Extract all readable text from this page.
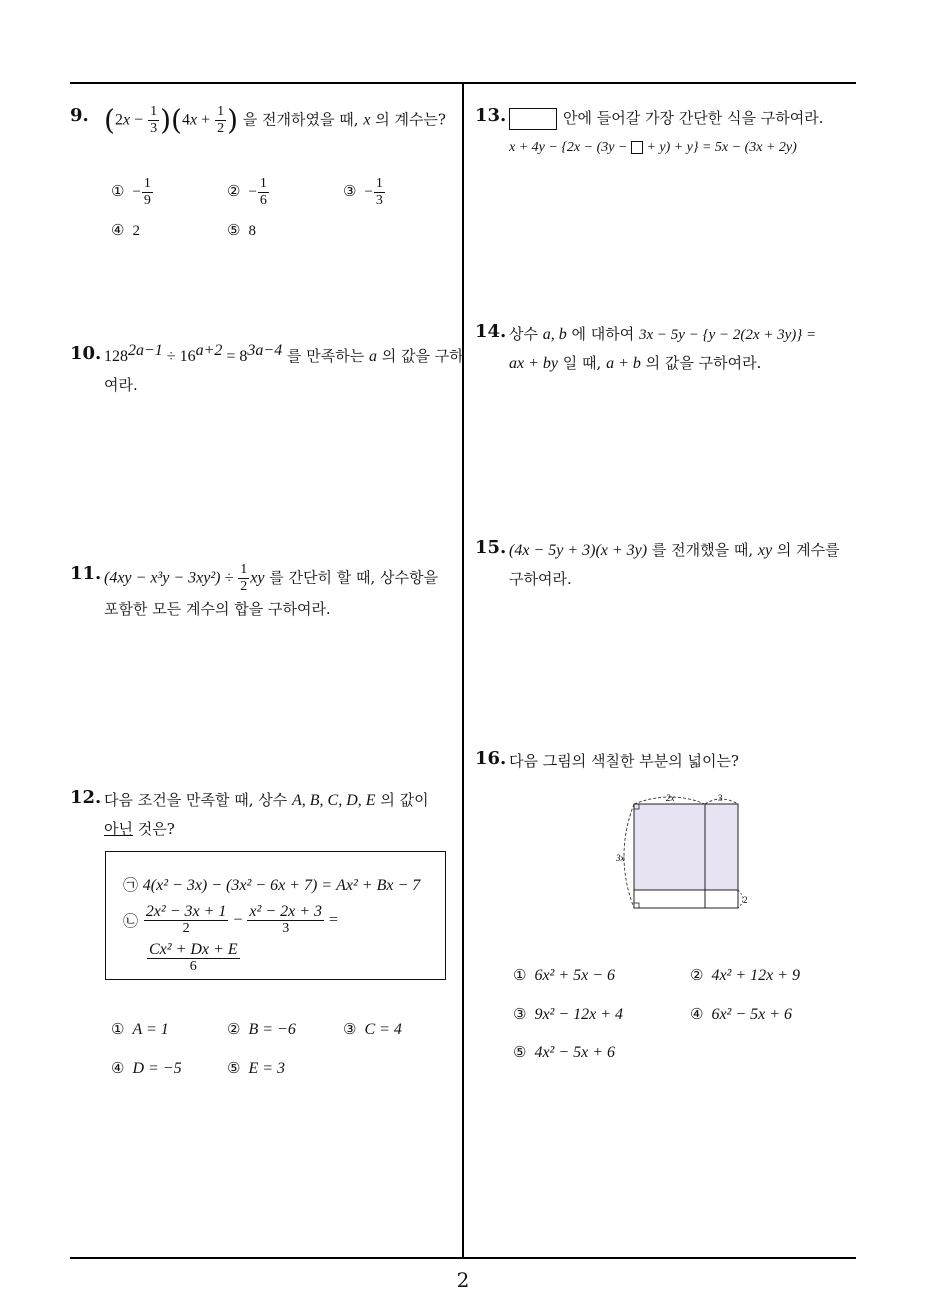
9. $(2x - \frac{1}{3} )(4x + \frac{1}{2}$ ) 을 전개하였을 때, x 의 계수는?
① − $\frac{1}{9}$	② − $\frac{1}{6}$	③ − $\frac{1}{3}$
④ 2	⑤ 8
10. $128^{2a-1} \div 16^{a+2} = 8^{3a-4}$ 를 만족하는 a 의 값을 구하
여라.
11. $(4xy - x^3y - 3xy^2) \div \frac{1}{2}$ xy 를 간단히 할 때, 상수항을
포함한 모든 계수의 합을 구하여라.
12. 다음 조건을 만족할 때, 상수 A, B, C, D, E 의 값이
아닌 것은?
㉠ 4(x² − 3x) − (3x² − 6x + 7) = Ax² + Bx − 7
㉡ $\frac{\text{2x² − 3x + 1}}{2} - \frac{\text{x² − 2x + 3}}{3}$ =
$\frac{\text{Cx² + Dx + E}}{6}$
① A = 1	② B = −6	③ C = 4
④ D = −5	⑤ E = 3
13.	안에 들어갈 가장 간단한 식을 구하여라.
x + 4y − {2x − (3y −  + y) + y} = 5x − (3x + 2y)
14. 상수 a, b 에 대하여 3x − 5y − {y − 2(2x + 3y)} =
ax + by 일 때, a + b 의 값을 구하여라.
15. (4x − 5y + 3)(x + 3y) 를 전개했을 때, xy 의 계수를
구하여라.
16. 다음 그림의 색칠한 부분의 넓이는?
2x	3
3x
2
① 6x² + 5x − 6	② 4x² + 12x + 9
③ 9x² − 12x + 4	④ 6x² − 5x + 6
⑤ 4x² − 5x + 6
2
